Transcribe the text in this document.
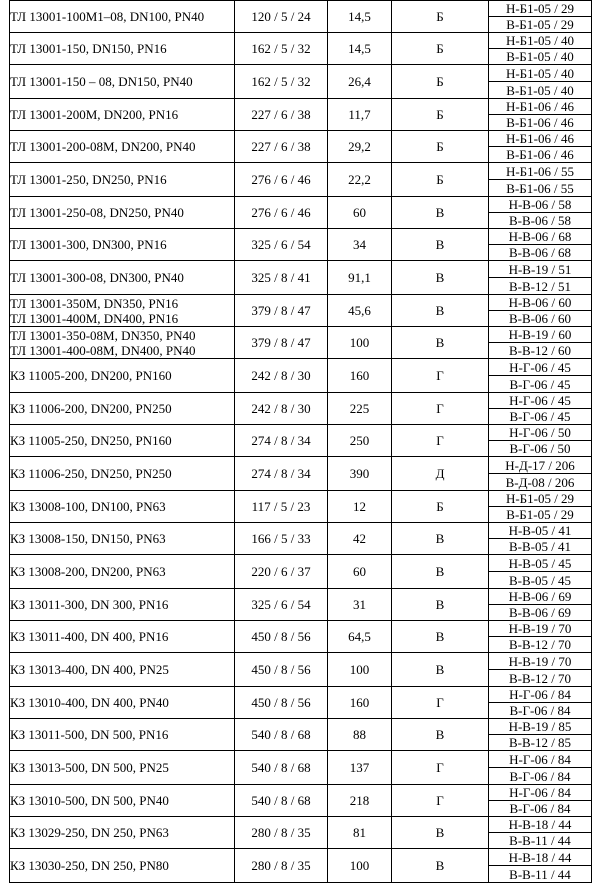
ТЛ 13001-100М1–08, DN100, PN40	120 / 5 / 24	14,5	Б	Н-Б1-05 / 29
				В-Б1-05 / 29

ТЛ 13001-150, DN150, PN16	162 / 5 / 32	14,5	Б	Н-Б1-05 / 40
				В-Б1-05 / 40

ТЛ 13001-150 – 08, DN150, PN40	162 / 5 / 32	26,4	Б	Н-Б1-05 / 40
				В-Б1-05 / 40

ТЛ 13001-200М, DN200, PN16	227 / 6 / 38	11,7	Б	Н-Б1-06 / 46
				В-Б1-06 / 46

ТЛ 13001-200-08М, DN200, PN40	227 / 6 / 38	29,2	Б	Н-Б1-06 / 46
				В-Б1-06 / 46

ТЛ 13001-250, DN250, PN16	276 / 6 / 46	22,2	Б	Н-Б1-06 / 55
				В-Б1-06 / 55

ТЛ 13001-250-08, DN250, PN40	276 / 6 / 46	60	В	Н-В-06 / 58
				В-В-06 / 58

ТЛ 13001-300, DN300, PN16	325 / 6 / 54	34	В	Н-В-06 / 68
				В-В-06 / 68

ТЛ 13001-300-08, DN300, PN40	325 / 8 / 41	91,1	В	Н-В-19 / 51
				В-В-12 / 51

ТЛ 13001-350М, DN350, PN16
ТЛ 13001-400М, DN400, PN16	379 / 8 / 47	45,6	В	Н-В-06 / 60
				В-В-06 / 60

ТЛ 13001-350-08М, DN350, PN40
ТЛ 13001-400-08М, DN400, PN40	379 / 8 / 47	100	В	Н-В-19 / 60
				В-В-12 / 60

КЗ 11005-200, DN200, PN160	242 / 8 / 30	160	Г	Н-Г-06 / 45
				В-Г-06 / 45

КЗ 11006-200, DN200, PN250	242 / 8 / 30	225	Г	Н-Г-06 / 45
				В-Г-06 / 45

КЗ 11005-250, DN250, PN160	274 / 8 / 34	250	Г	Н-Г-06 / 50
				В-Г-06 / 50

КЗ 11006-250, DN250, PN250	274 / 8 / 34	390	Д	Н-Д-17 / 206
				В-Д-08 / 206

КЗ 13008-100, DN100, PN63	117 / 5 / 23	12	Б	Н-Б1-05 / 29
				В-Б1-05 / 29

КЗ 13008-150, DN150, PN63	166 / 5 / 33	42	В	Н-В-05 / 41
				В-В-05 / 41

КЗ 13008-200, DN200, PN63	220 / 6 / 37	60	В	Н-В-05 / 45
				В-В-05 / 45

КЗ 13011-300, DN 300, PN16	325 / 6 / 54	31	В	Н-В-06 / 69
				В-В-06 / 69

КЗ 13011-400, DN 400, PN16	450 / 8 / 56	64,5	В	Н-В-19 / 70
				В-В-12 / 70

КЗ 13013-400, DN 400, PN25	450 / 8 / 56	100	В	Н-В-19 / 70
				В-В-12 / 70

КЗ 13010-400, DN 400, PN40	450 / 8 / 56	160	Г	Н-Г-06 / 84
				В-Г-06 / 84

КЗ 13011-500, DN 500, PN16	540 / 8 / 68	88	В	Н-В-19 / 85
				В-В-12 / 85

КЗ 13013-500, DN 500, PN25	540 / 8 / 68	137	Г	Н-Г-06 / 84
				В-Г-06 / 84

КЗ 13010-500, DN 500, PN40	540 / 8 / 68	218	Г	Н-Г-06 / 84
				В-Г-06 / 84

КЗ 13029-250, DN 250, PN63	280 / 8 / 35	81	В	Н-В-18 / 44
				В-В-11 / 44

КЗ 13030-250, DN 250, PN80	280 / 8 / 35	100	В	Н-В-18 / 44
				В-В-11 / 44
